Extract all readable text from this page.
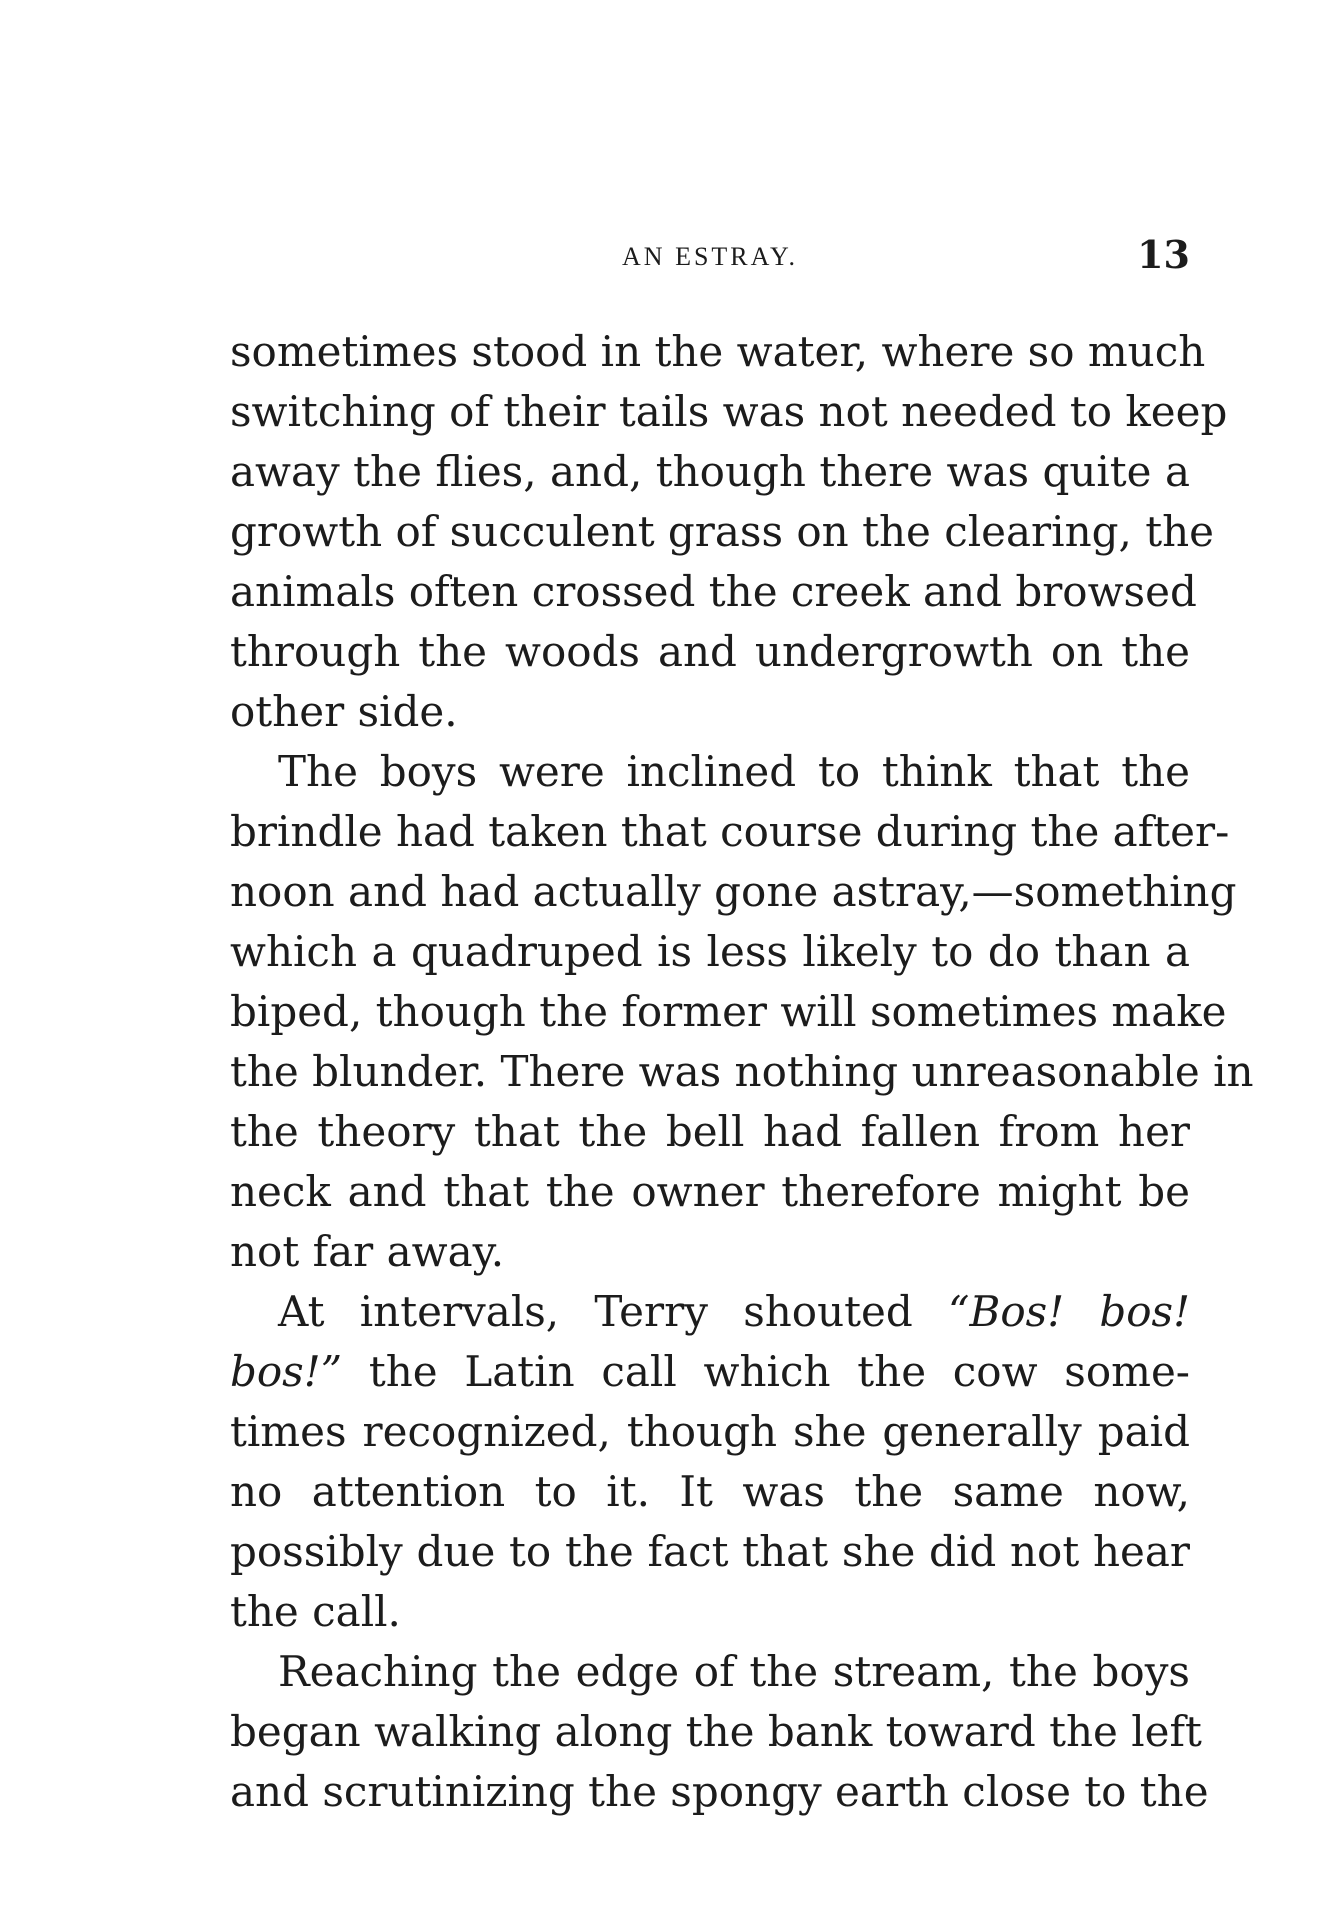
AN ESTRAY.	13
sometimes stood in the water, where so much
switching of their tails was not needed to keep
away the flies, and, though there was quite a
growth of succulent grass on the clearing, the
animals often crossed the creek and browsed
through the woods and undergrowth on the
other side.
The boys were inclined to think that the
brindle had taken that course during the after-
noon and had actually gone astray,—something
which a quadruped is less likely to do than a
biped, though the former will sometimes make
the blunder. There was nothing unreasonable in
the theory that the bell had fallen from her
neck and that the owner therefore might be
not far away.
At intervals, Terry shouted “Bos! bos!
bos!” the Latin call which the cow some-
times recognized, though she generally paid
no attention to it. It was the same now,
possibly due to the fact that she did not hear
the call.
Reaching the edge of the stream, the boys
began walking along the bank toward the left
and scrutinizing the spongy earth close to the
